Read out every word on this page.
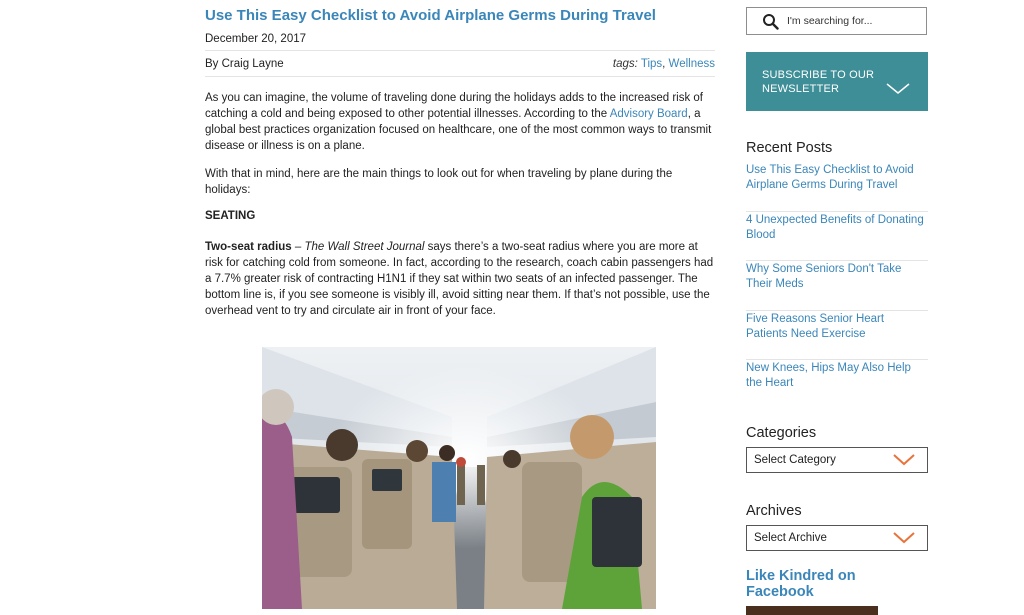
Use This Easy Checklist to Avoid Airplane Germs During Travel
December 20, 2017
By Craig Layne	tags: Tips, Wellness

As you can imagine, the volume of traveling done during the holidays adds to the increased risk of catching a cold and being exposed to other potential illnesses. According to the Advisory Board, a global best practices organization focused on healthcare, one of the most common ways to transmit disease or illness is on a plane.

With that in mind, here are the main things to look out for when traveling by plane during the holidays:

SEATING

Two-seat radius – The Wall Street Journal says there’s a two-seat radius where you are more at risk for catching cold from someone. In fact, according to the research, coach cabin passengers had a 7.7% greater risk of contracting H1N1 if they sat within two seats of an infected passenger. The bottom line is, if you see someone is visibly ill, avoid sitting near them. If that’s not possible, use the overhead vent to try and circulate air in front of your face.

I'm searching for...
SUBSCRIBE TO OUR NEWSLETTER
Recent Posts
Use This Easy Checklist to Avoid Airplane Germs During Travel
4 Unexpected Benefits of Donating Blood
Why Some Seniors Don't Take Their Meds
Five Reasons Senior Heart Patients Need Exercise
New Knees, Hips May Also Help the Heart
Categories
Select Category
Archives
Select Archive
Like Kindred on Facebook
